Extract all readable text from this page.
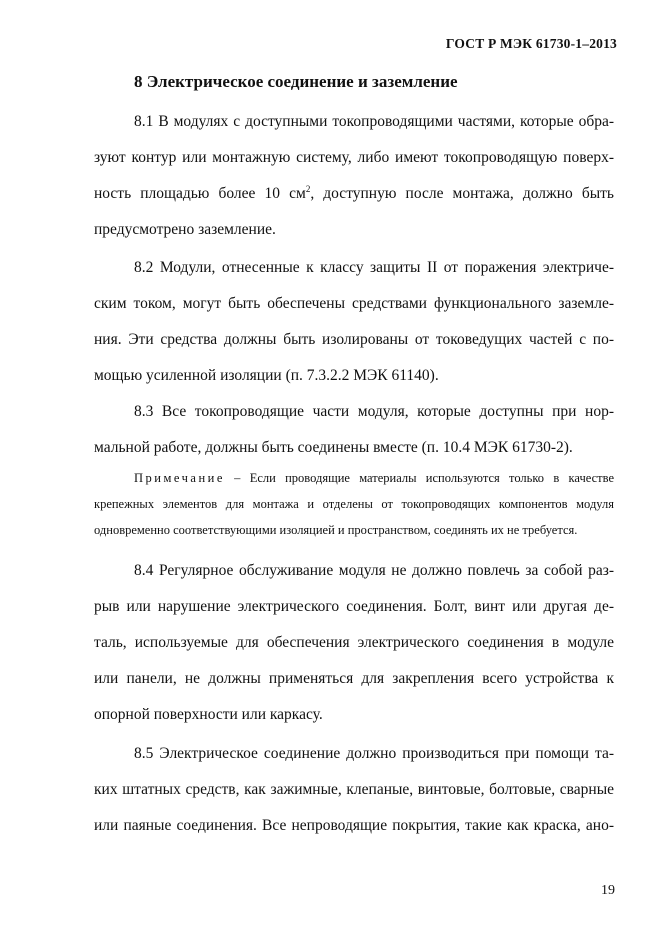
ГОСТ Р МЭК 61730-1–2013
8 Электрическое соединение и заземление
8.1 В модулях с доступными токопроводящими частями, которые обра-
зуют контур или монтажную систему, либо имеют токопроводящую поверх-
ность площадью более 10 $см^2$, доступную после монтажа, должно быть
предусмотрено заземление.
8.2 Модули, отнесенные к классу защиты II от поражения электриче-
ским током, могут быть обеспечены средствами функционального заземле-
ния. Эти средства должны быть изолированы от токоведущих частей с по-
мощью усиленной изоляции (п. 7.3.2.2 МЭК 61140).
8.3 Все токопроводящие части модуля, которые доступны при нор-
мальной работе, должны быть соединены вместе (п. 10.4 МЭК 61730-2).
Примечание – Если проводящие материалы используются только в качестве
крепежных элементов для монтажа и отделены от токопроводящих компонентов модуля
одновременно соответствующими изоляцией и пространством, соединять их не требуется.
8.4 Регулярное обслуживание модуля не должно повлечь за собой раз-
рыв или нарушение электрического соединения. Болт, винт или другая де-
таль, используемые для обеспечения электрического соединения в модуле
или панели, не должны применяться для закрепления всего устройства к
опорной поверхности или каркасу.
8.5 Электрическое соединение должно производиться при помощи та-
ких штатных средств, как зажимные, клепаные, винтовые, болтовые, сварные
или паяные соединения. Все непроводящие покрытия, такие как краска, ано-
19
